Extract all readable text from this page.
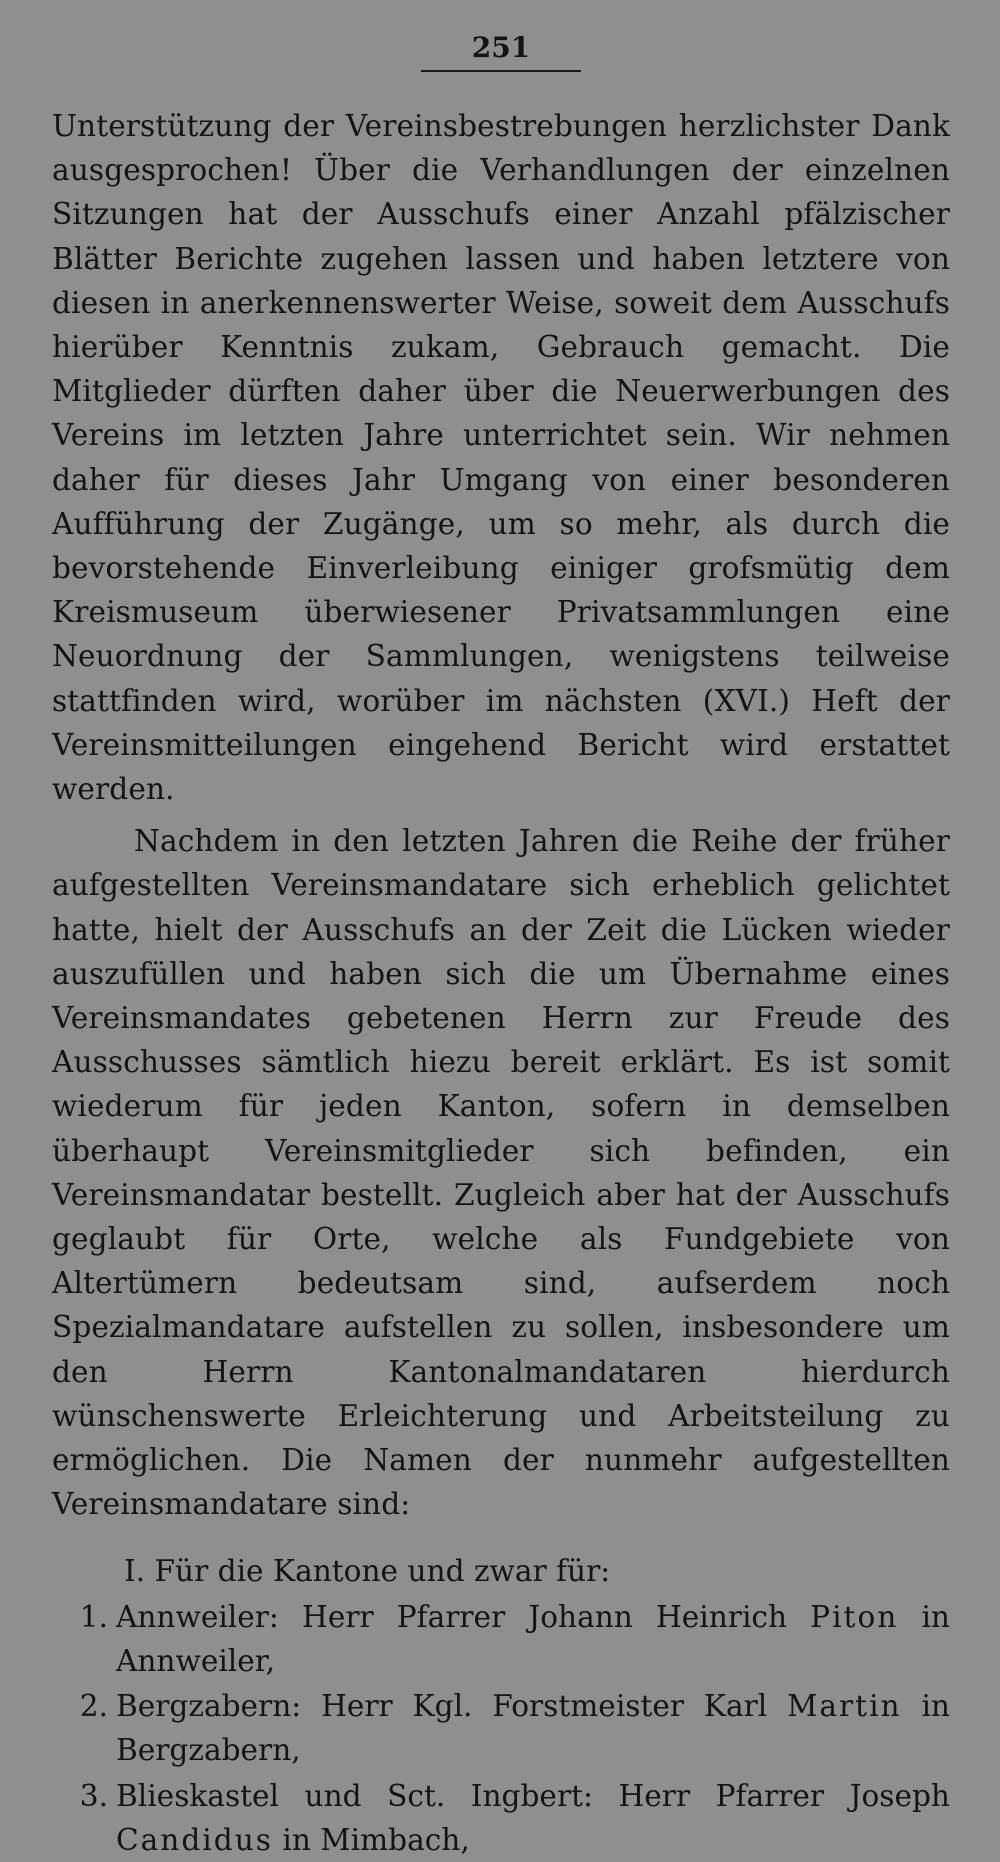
251

Unterstützung der Vereinsbestrebungen herzlichster Dank ausgesprochen! Über die Verhandlungen der einzelnen Sitzungen hat der Ausschufs einer Anzahl pfälzischer Blätter Berichte zugehen lassen und haben letztere von diesen in anerkennenswerter Weise, soweit dem Ausschufs hierüber Kenntnis zukam, Gebrauch gemacht. Die Mitglieder dürften daher über die Neuerwerbungen des Vereins im letzten Jahre unterrichtet sein. Wir nehmen daher für dieses Jahr Umgang von einer besonderen Aufführung der Zugänge, um so mehr, als durch die bevorstehende Einverleibung einiger grofsmütig dem Kreismuseum überwiesener Privatsammlungen eine Neuordnung der Sammlungen, wenigstens teilweise stattfinden wird, worüber im nächsten (XVI.) Heft der Vereinsmitteilungen eingehend Bericht wird erstattet werden.

Nachdem in den letzten Jahren die Reihe der früher aufgestellten Vereinsmandatare sich erheblich gelichtet hatte, hielt der Ausschufs an der Zeit die Lücken wieder auszufüllen und haben sich die um Übernahme eines Vereinsmandates gebetenen Herrn zur Freude des Ausschusses sämtlich hiezu bereit erklärt. Es ist somit wiederum für jeden Kanton, sofern in demselben überhaupt Vereinsmitglieder sich befinden, ein Vereinsmandatar bestellt. Zugleich aber hat der Ausschufs geglaubt für Orte, welche als Fundgebiete von Altertümern bedeutsam sind, aufserdem noch Spezialmandatare aufstellen zu sollen, insbesondere um den Herrn Kantonalmandataren hierdurch wünschenswerte Erleichterung und Arbeitsteilung zu ermöglichen. Die Namen der nunmehr aufgestellten Vereinsmandatare sind:

I. Für die Kantone und zwar für:
1. Annweiler: Herr Pfarrer Johann Heinrich Piton in Annweiler,
2. Bergzabern: Herr Kgl. Forstmeister Karl Martin in Bergzabern,
3. Blieskastel und Sct. Ingbert: Herr Pfarrer Joseph Candidus in Mimbach,
